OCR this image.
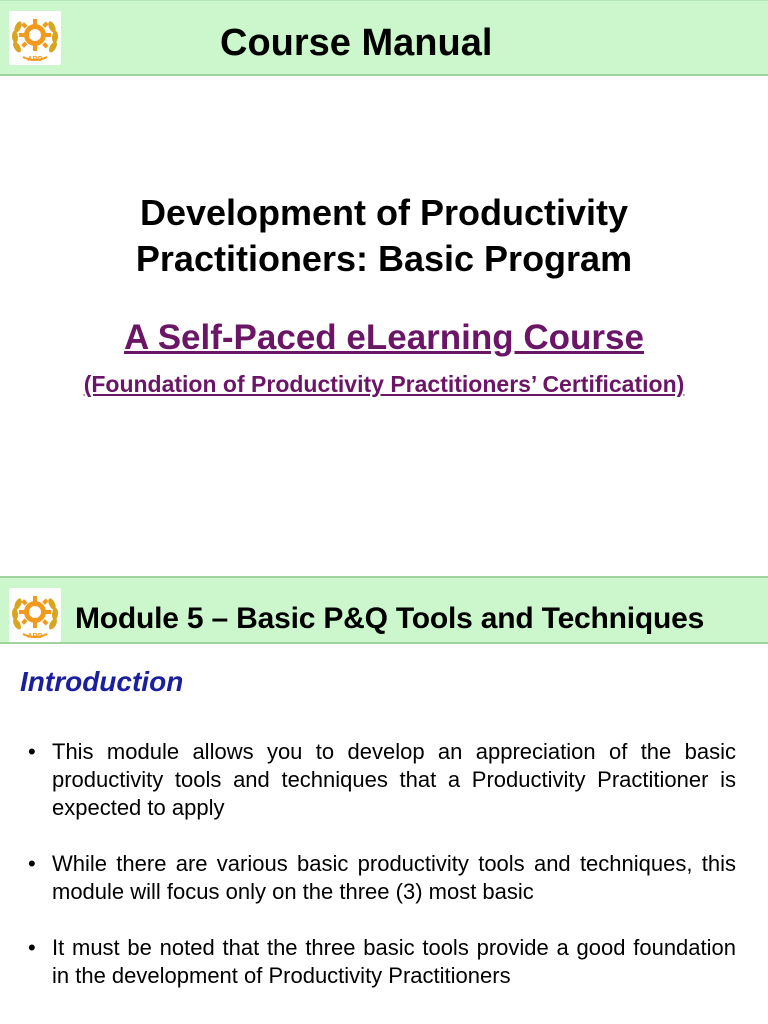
APO	Course Manual
Development of Productivity
Practitioners: Basic Program

A Self-Paced eLearning Course

(Foundation of Productivity Practitioners’ Certification)

APO
Module 5 – Basic P&Q Tools and Techniques
Introduction
• This module allows you to develop an appreciation of the basic productivity tools and techniques that a Productivity Practitioner is expected to apply
• While there are various basic productivity tools and techniques, this module will focus only on the three (3) most basic
• It must be noted that the three basic tools provide a good foundation in the development of Productivity Practitioners
